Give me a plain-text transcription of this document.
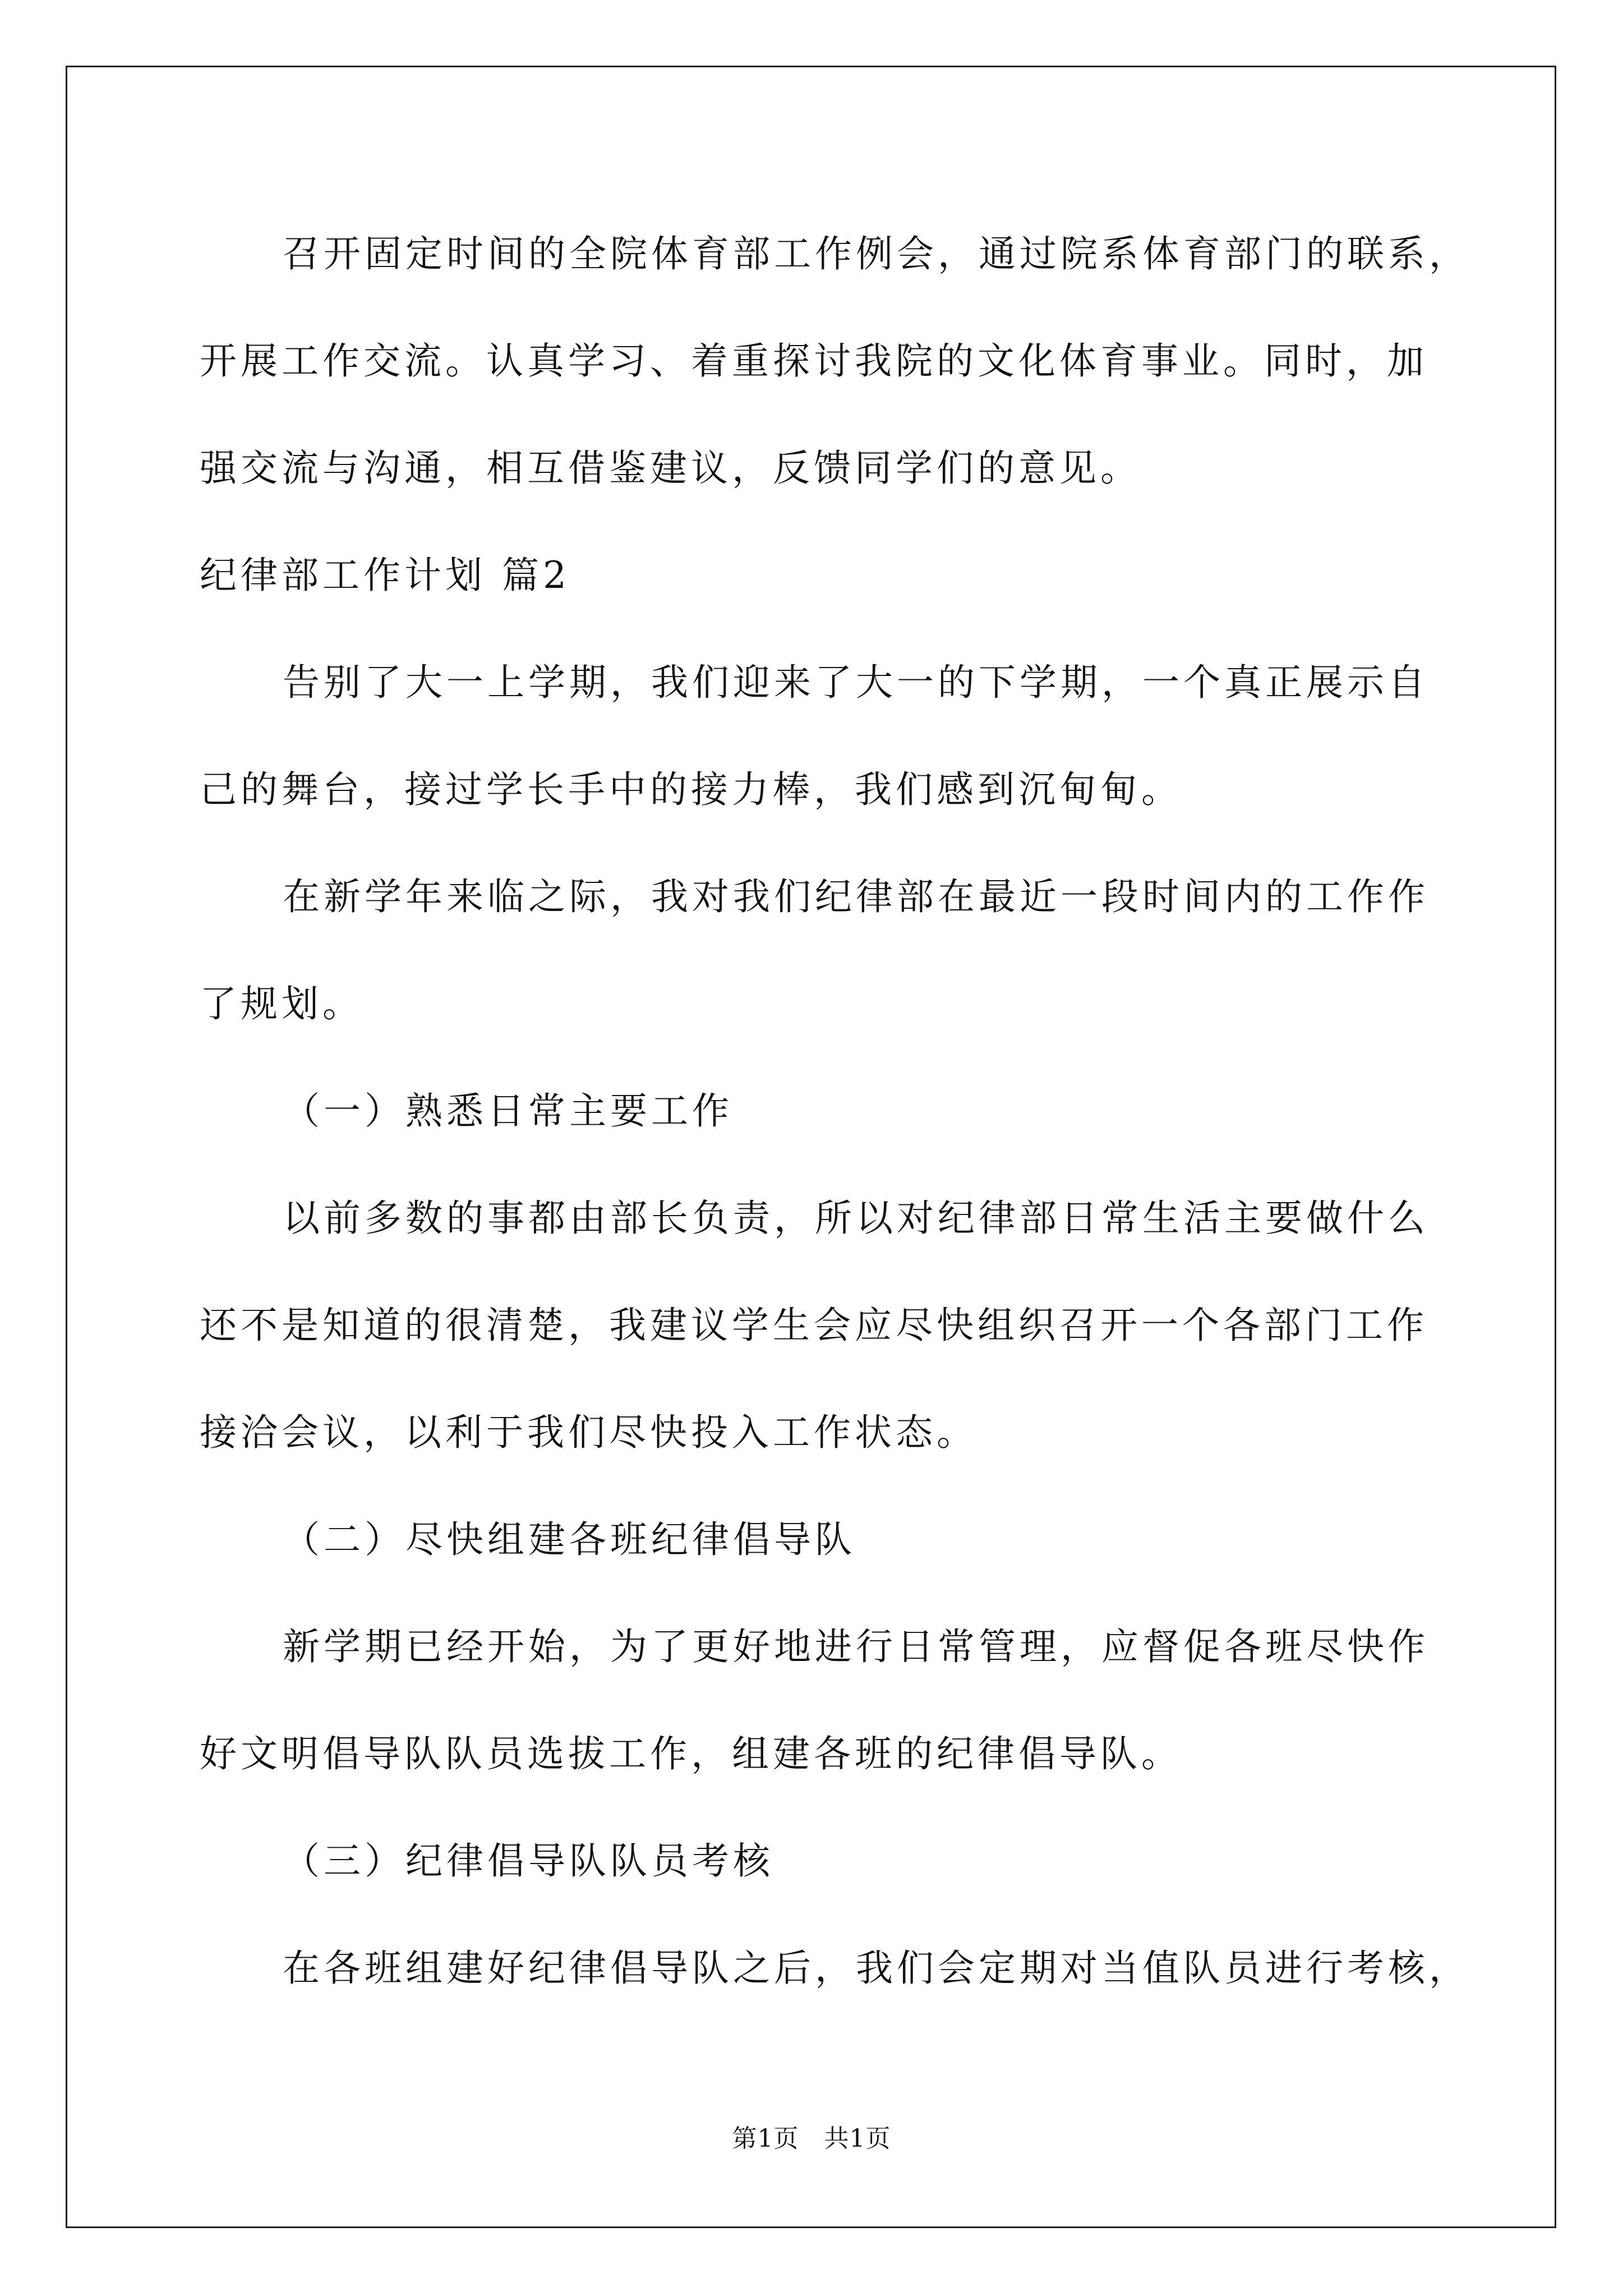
召开固定时间的全院体育部工作例会，通过院系体育部门的联系，
开展工作交流。认真学习、着重探讨我院的文化体育事业。同时，加
强交流与沟通，相互借鉴建议，反馈同学们的意见。
纪律部工作计划 篇2
告别了大一上学期，我们迎来了大一的下学期，一个真正展示自
己的舞台，接过学长手中的接力棒，我们感到沉甸甸。
在新学年来临之际，我对我们纪律部在最近一段时间内的工作作
了规划。
（一）熟悉日常主要工作
以前多数的事都由部长负责，所以对纪律部日常生活主要做什么
还不是知道的很清楚，我建议学生会应尽快组织召开一个各部门工作
接洽会议，以利于我们尽快投入工作状态。
（二）尽快组建各班纪律倡导队
新学期已经开始，为了更好地进行日常管理，应督促各班尽快作
好文明倡导队队员选拔工作，组建各班的纪律倡导队。
（三）纪律倡导队队员考核
在各班组建好纪律倡导队之后，我们会定期对当值队员进行考核，
第1页　共1页
